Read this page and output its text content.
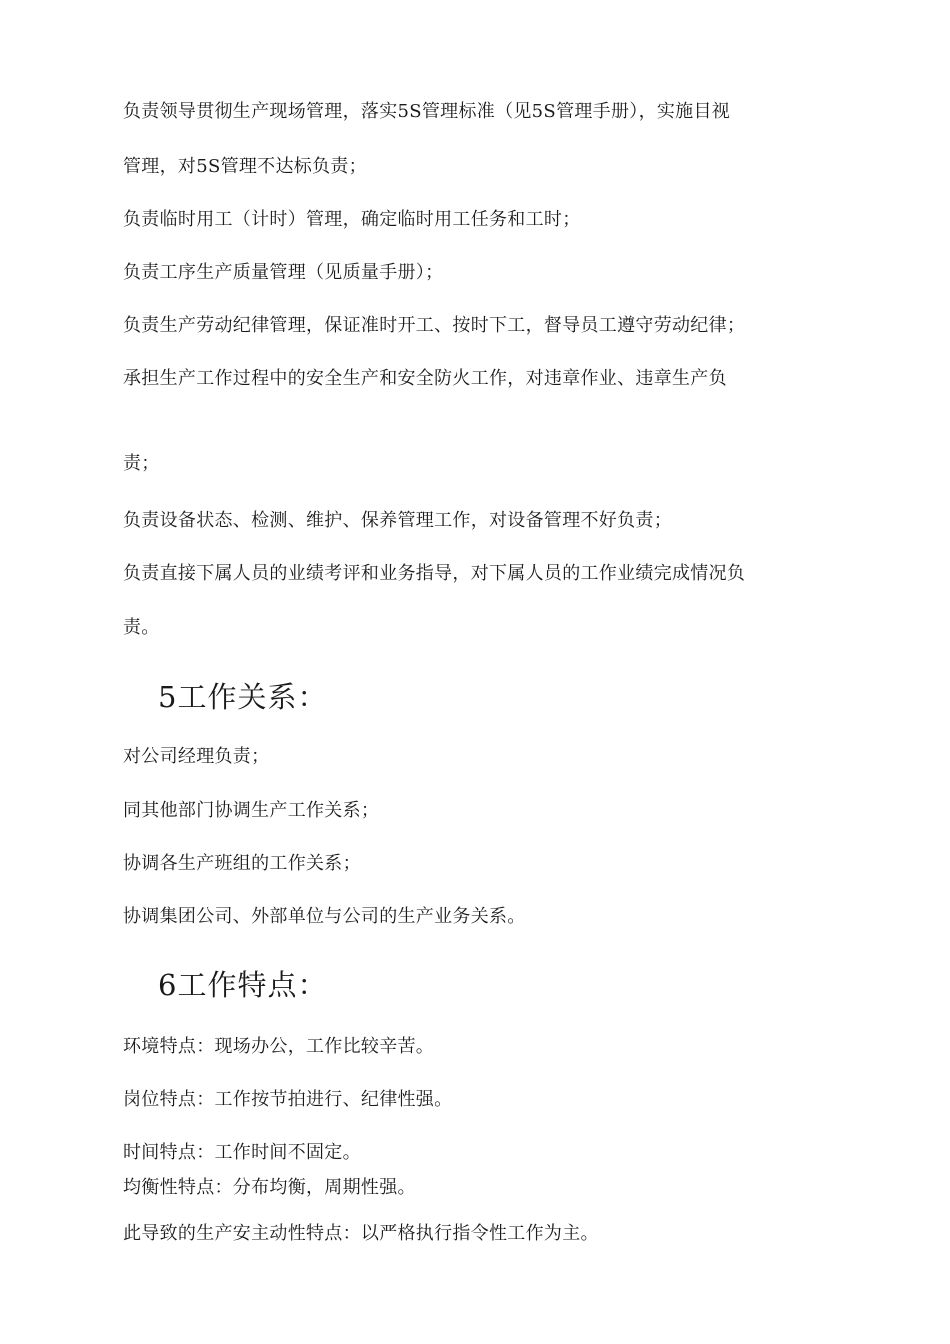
负责领导贯彻生产现场管理，落实5S管理标准（见5S管理手册），实施目视

管理，对5S管理不达标负责；

负责临时用工（计时）管理，确定临时用工任务和工时；

负责工序生产质量管理（见质量手册）；

负责生产劳动纪律管理，保证准时开工、按时下工，督导员工遵守劳动纪律；

承担生产工作过程中的安全生产和安全防火工作，对违章作业、违章生产负

责；

负责设备状态、检测、维护、保养管理工作，对设备管理不好负责；

负责直接下属人员的业绩考评和业务指导，对下属人员的工作业绩完成情况负

责。

5工作关系：

对公司经理负责；

同其他部门协调生产工作关系；

协调各生产班组的工作关系；

协调集团公司、外部单位与公司的生产业务关系。

6工作特点：

环境特点：现场办公，工作比较辛苦。

岗位特点：工作按节拍进行、纪律性强。

时间特点：工作时间不固定。

均衡性特点：分布均衡，周期性强。

此导致的生产安主动性特点：以严格执行指令性工作为主。
